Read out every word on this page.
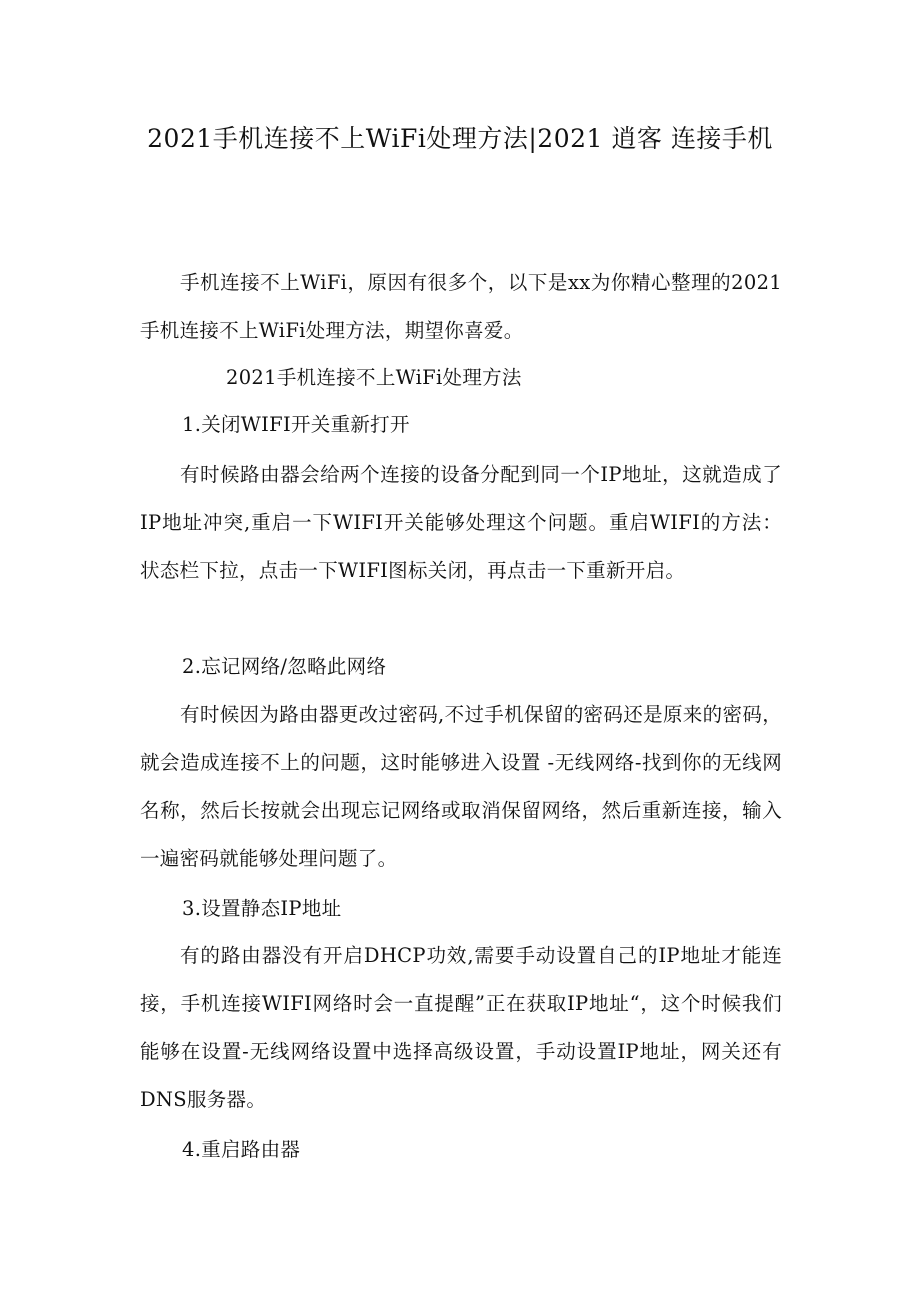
2021手机连接不上WiFi处理方法|2021 逍客 连接手机

手机连接不上WiFi，原因有很多个，以下是xx为你精心整理的2021手机连接不上WiFi处理方法，期望你喜爱。

2021手机连接不上WiFi处理方法

1.关闭WIFI开关重新打开

有时候路由器会给两个连接的设备分配到同一个IP地址，这就造成了IP地址冲突,重启一下WIFI开关能够处理这个问题。重启WIFI的方法：状态栏下拉，点击一下WIFI图标关闭，再点击一下重新开启。

2.忘记网络/忽略此网络

有时候因为路由器更改过密码,不过手机保留的密码还是原来的密码，就会造成连接不上的问题，这时能够进入设置 -无线网络-找到你的无线网名称，然后长按就会出现忘记网络或取消保留网络，然后重新连接，输入一遍密码就能够处理问题了。

3.设置静态IP地址

有的路由器没有开启DHCP功效,需要手动设置自己的IP地址才能连接，手机连接WIFI网络时会一直提醒”正在获取IP地址“，这个时候我们能够在设置-无线网络设置中选择高级设置，手动设置IP地址，网关还有DNS服务器。

4.重启路由器
